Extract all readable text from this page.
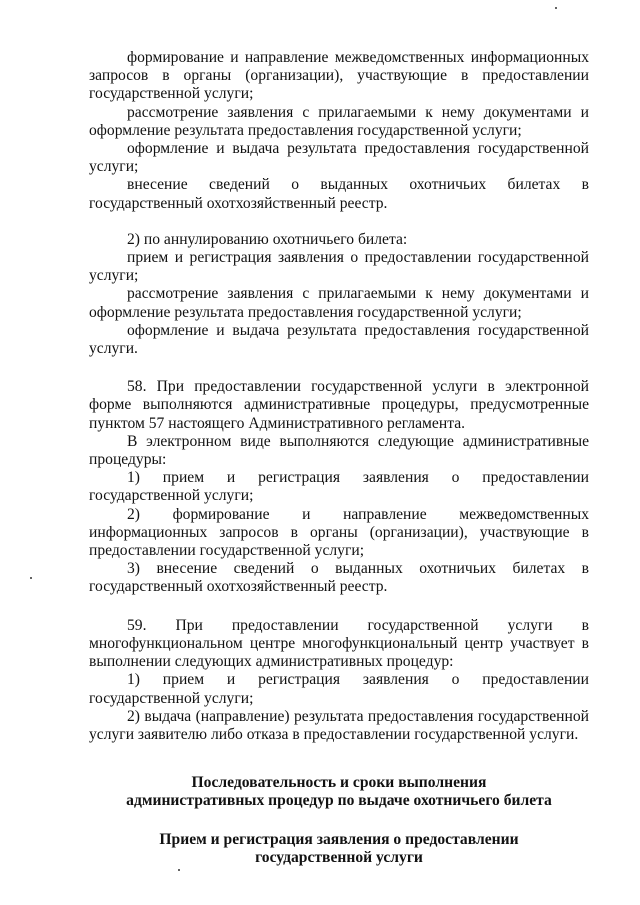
формирование и направление межведомственных информационных запросов в органы (организации), участвующие в предоставлении государственной услуги;

рассмотрение заявления с прилагаемыми к нему документами и оформление результата предоставления государственной услуги;

оформление и выдача результата предоставления государственной услуги;

внесение сведений о выданных охотничьих билетах в государственный охотхозяйственный реестр.

2) по аннулированию охотничьего билета:

прием и регистрация заявления о предоставлении государственной услуги;

рассмотрение заявления с прилагаемыми к нему документами и оформление результата предоставления государственной услуги;

оформление и выдача результата предоставления государственной услуги.

58. При предоставлении государственной услуги в электронной форме выполняются административные процедуры, предусмотренные пунктом 57 настоящего Административного регламента.

В электронном виде выполняются следующие административные процедуры:

1) прием и регистрация заявления о предоставлении государственной услуги;

2) формирование и направление межведомственных информационных запросов в органы (организации), участвующие в предоставлении государственной услуги;

3) внесение сведений о выданных охотничьих билетах в государственный охотхозяйственный реестр.

59. При предоставлении государственной услуги в многофункциональном центре многофункциональный центр участвует в выполнении следующих административных процедур:

1) прием и регистрация заявления о предоставлении государственной услуги;

2) выдача (направление) результата предоставления государственной услуги заявителю либо отказа в предоставлении государственной услуги.

Последовательность и сроки выполнения

административных процедур по выдаче охотничьего билета

Прием и регистрация заявления о предоставлении

государственной услуги
